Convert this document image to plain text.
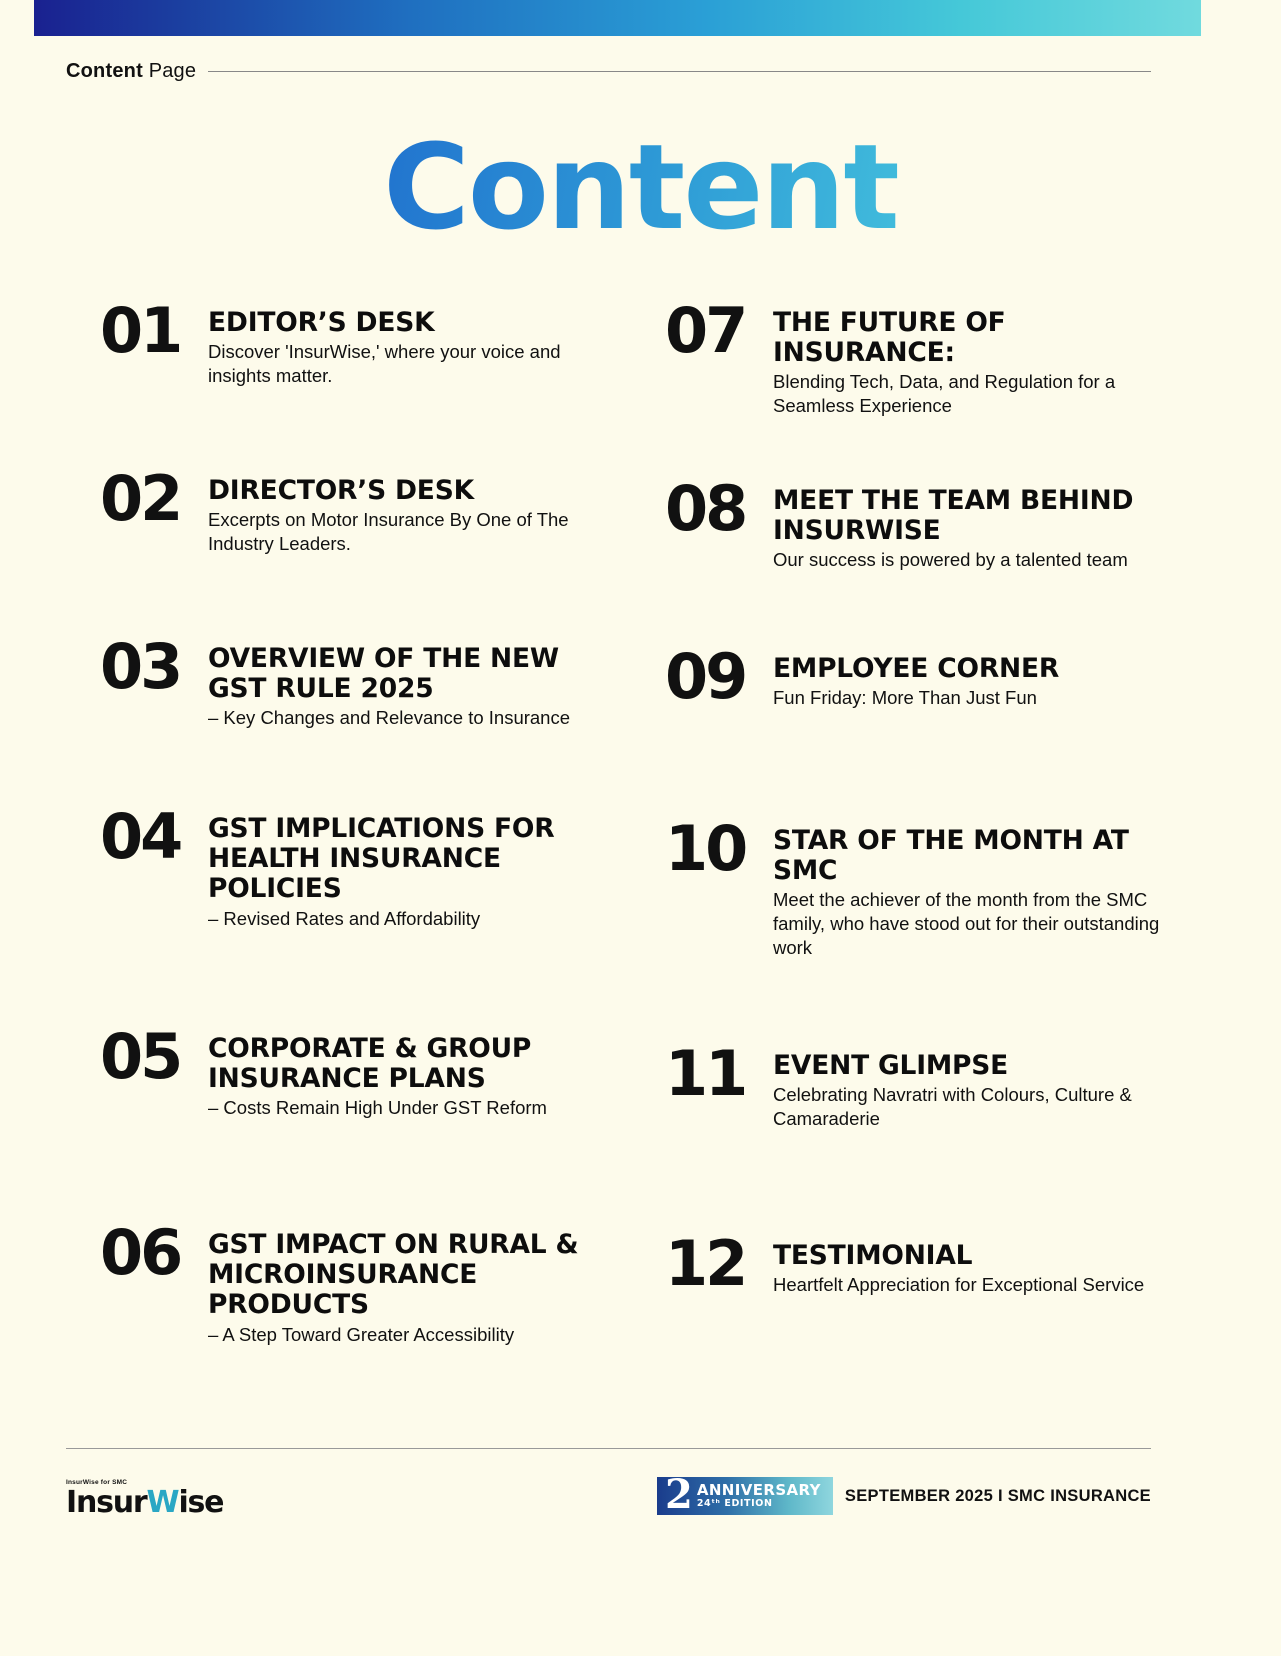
Content Page
Content
01	EDITOR’S DESK
Discover 'InsurWise,' where your voice and insights matter.
02	DIRECTOR’S DESK
Excerpts on Motor Insurance By One of The Industry Leaders.
03	OVERVIEW OF THE NEW GST RULE 2025
– Key Changes and Relevance to Insurance
04	GST IMPLICATIONS FOR HEALTH INSURANCE POLICIES
– Revised Rates and Affordability
05	CORPORATE & GROUP INSURANCE PLANS
– Costs Remain High Under GST Reform
06	GST IMPACT ON RURAL & MICROINSURANCE PRODUCTS
– A Step Toward Greater Accessibility
07	THE FUTURE OF INSURANCE:
Blending Tech, Data, and Regulation for a Seamless Experience
08	MEET THE TEAM BEHIND INSURWISE
Our success is powered by a talented team
09	EMPLOYEE CORNER
Fun Friday: More Than Just Fun
10	STAR OF THE MONTH AT SMC
Meet the achiever of the month from the SMC family, who have stood out for their outstanding work
11	EVENT GLIMPSE
Celebrating Navratri with Colours, Culture & Camaraderie
12	TESTIMONIAL
Heartfelt Appreciation for Exceptional Service
InsurWise for SMC
InsurWise	2 ANNIVERSARY
24ᵗʰ EDITION	SEPTEMBER 2025 I SMC INSURANCE
